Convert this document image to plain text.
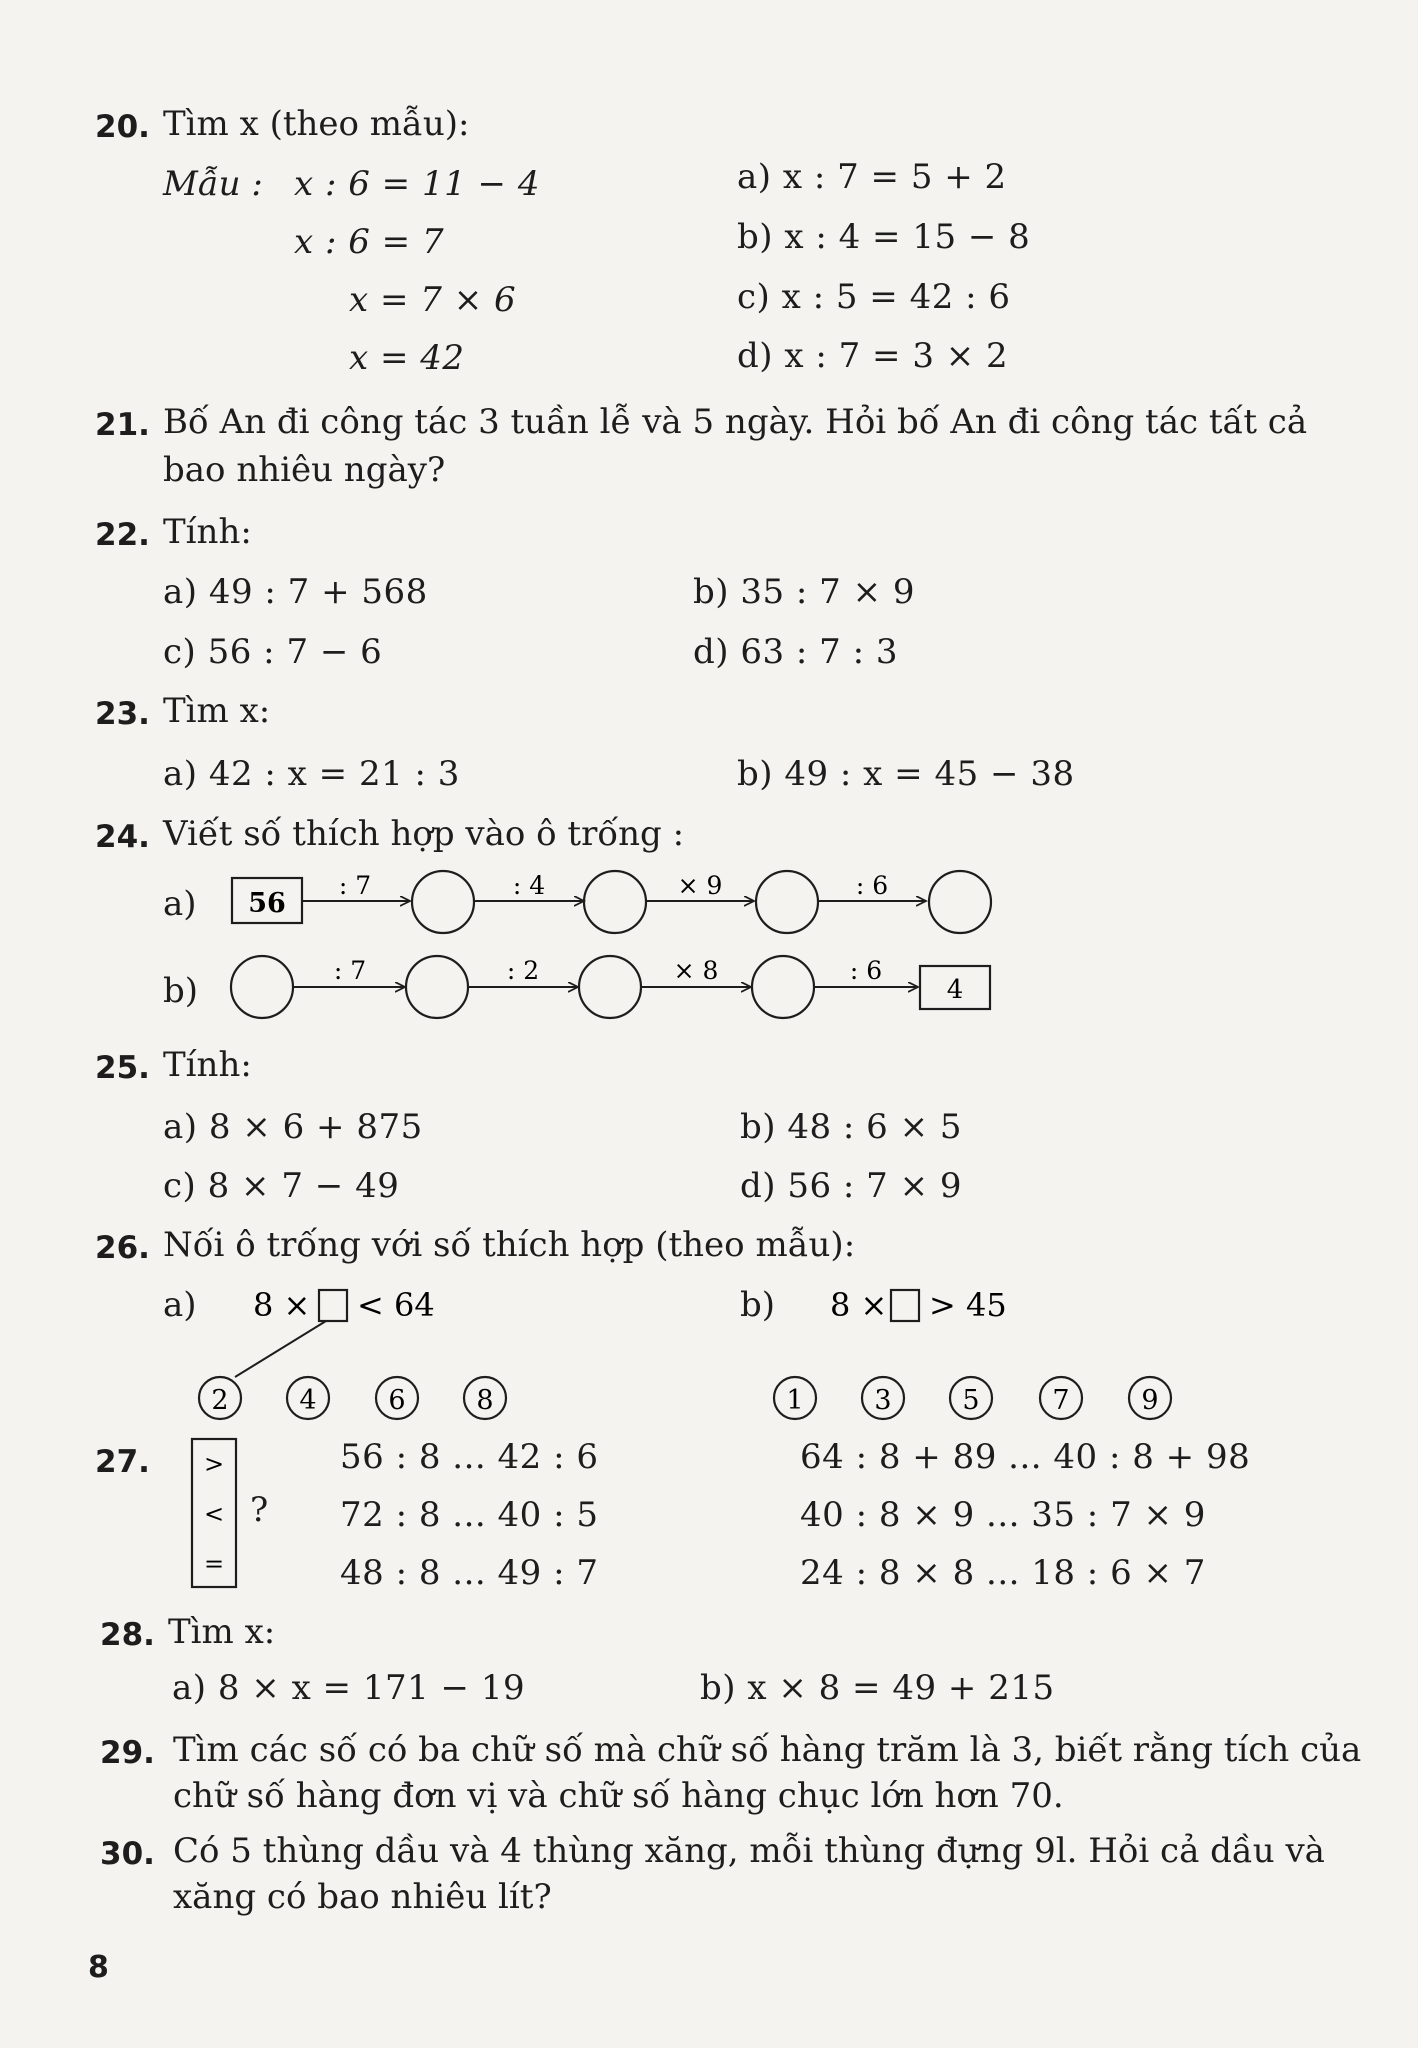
20. Tìm x (theo mẫu):
Mẫu : x : 6 = 11 − 4
x : 6 = 7
x = 7 × 6
x = 42
a) x : 7 = 5 + 2
b) x : 4 = 15 − 8
c) x : 5 = 42 : 6
d) x : 7 = 3 × 2
21. Bố An đi công tác 3 tuần lễ và 5 ngày. Hỏi bố An đi công tác tất cả
bao nhiêu ngày?
22. Tính:
a) 49 : 7 + 568	b) 35 : 7 × 9
c) 56 : 7 − 6	d) 63 : 7 : 3
23. Tìm x:
a) 42 : x = 21 : 3	b) 49 : x = 45 − 38
24. Viết số thích hợp vào ô trống :
a)
b)
25. Tính:
a) 8 × 6 + 875	b) 48 : 6 × 5
c) 8 × 7 − 49	d) 56 : 7 × 9
26. Nối ô trống với số thích hợp (theo mẫu):
a)	b)
27.
?
56 : 8 ... 42 : 6
72 : 8 ... 40 : 5
48 : 8 ... 49 : 7
64 : 8 + 89 ... 40 : 8 + 98
40 : 8 × 9 ... 35 : 7 × 9
24 : 8 × 8 ... 18 : 6 × 7
28. Tìm x:
a) 8 × x = 171 − 19	b) x × 8 = 49 + 215
29. Tìm các số có ba chữ số mà chữ số hàng trăm là 3, biết rằng tích của
chữ số hàng đơn vị và chữ số hàng chục lớn hơn 70.
30. Có 5 thùng dầu và 4 thùng xăng, mỗi thùng đựng 9l. Hỏi cả dầu và
xăng có bao nhiêu lít?
8
56
: 7	: 4	× 9	: 6
: 7	: 2	× 8	: 6
4
8 × < 64
2	4	6	8
8 × > 45
1	3	5	7	9
>
<
=
